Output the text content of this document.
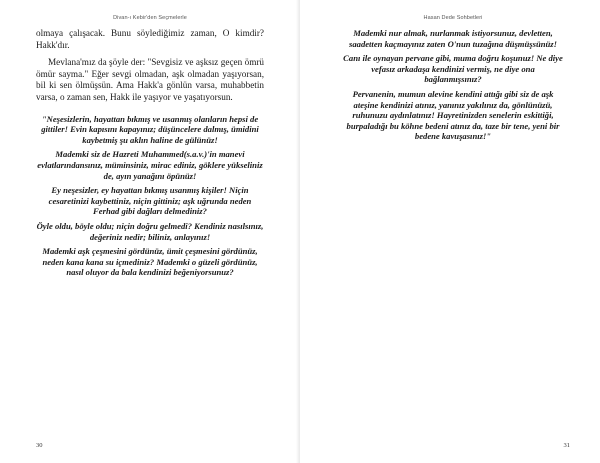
Divan-ı Kebir'den Seçmelerle

olmaya çalışacak. Bunu söylediğimiz zaman, O kimdir? Hakk'dır.

Mevlana'mız da şöyle der: "Sevgisiz ve aşksız geçen ömrü ömür sayma." Eğer sevgi olmadan, aşk olmadan yaşıyorsan, bil ki sen ölmüşsün. Ama Hakk'a gönlün varsa, muhabbetin varsa, o zaman sen, Hakk ile yaşıyor ve yaşatıyorsun.

"Neşesizlerin, hayattan bıkmış ve usanmış olanların hepsi de gittiler! Evin kapısını kapayınız; düşüncelere dalmış, ümidini kaybetmiş şu aklın haline de gülünüz!

Mademki siz de Hazreti Muhammed(s.a.v.)'in manevi evlatlarındansınız, müminsiniz, mirac ediniz, göklere yükseliniz de, ayın yanağını öpünüz!

Ey neşesizler, ey hayattan bıkmış usanmış kişiler! Niçin cesaretinizi kaybettiniz, niçin gittiniz; aşk uğrunda neden Ferhad gibi dağları delmediniz?

Öyle oldu, böyle oldu; niçin doğru gelmedi? Kendiniz nasılsınız, değeriniz nedir; biliniz, anlayınız!

Mademki aşk çeşmesini gördünüz, ümit çeşmesini gördünüz, neden kana kana su içmediniz? Mademki o güzeli gördünüz, nasıl oluyor da bala kendinizi beğeniyorsunuz?

30
Hasan Dede Sohbetleri

Mademki nur almak, nurlanmak istiyorsunuz, devletten, saadetten kaçmayınız zaten O'nun tuzağına düşmüşsünüz!

Canı ile oynayan pervane gibi, muma doğru koşunuz! Ne diye vefasız arkadaşa kendinizi vermiş, ne diye ona bağlanmışsınız?

Pervanenin, mumun alevine kendini attığı gibi siz de aşk ateşine kendinizi atınız, yanınız yakılınız da, gönlünüzü, ruhunuzu aydınlatınız! Hayretinizden senelerin eskittiği, burpaladığı bu köhne bedeni atınız da, taze bir tene, yeni bir bedene kavuşasınız!"

31
